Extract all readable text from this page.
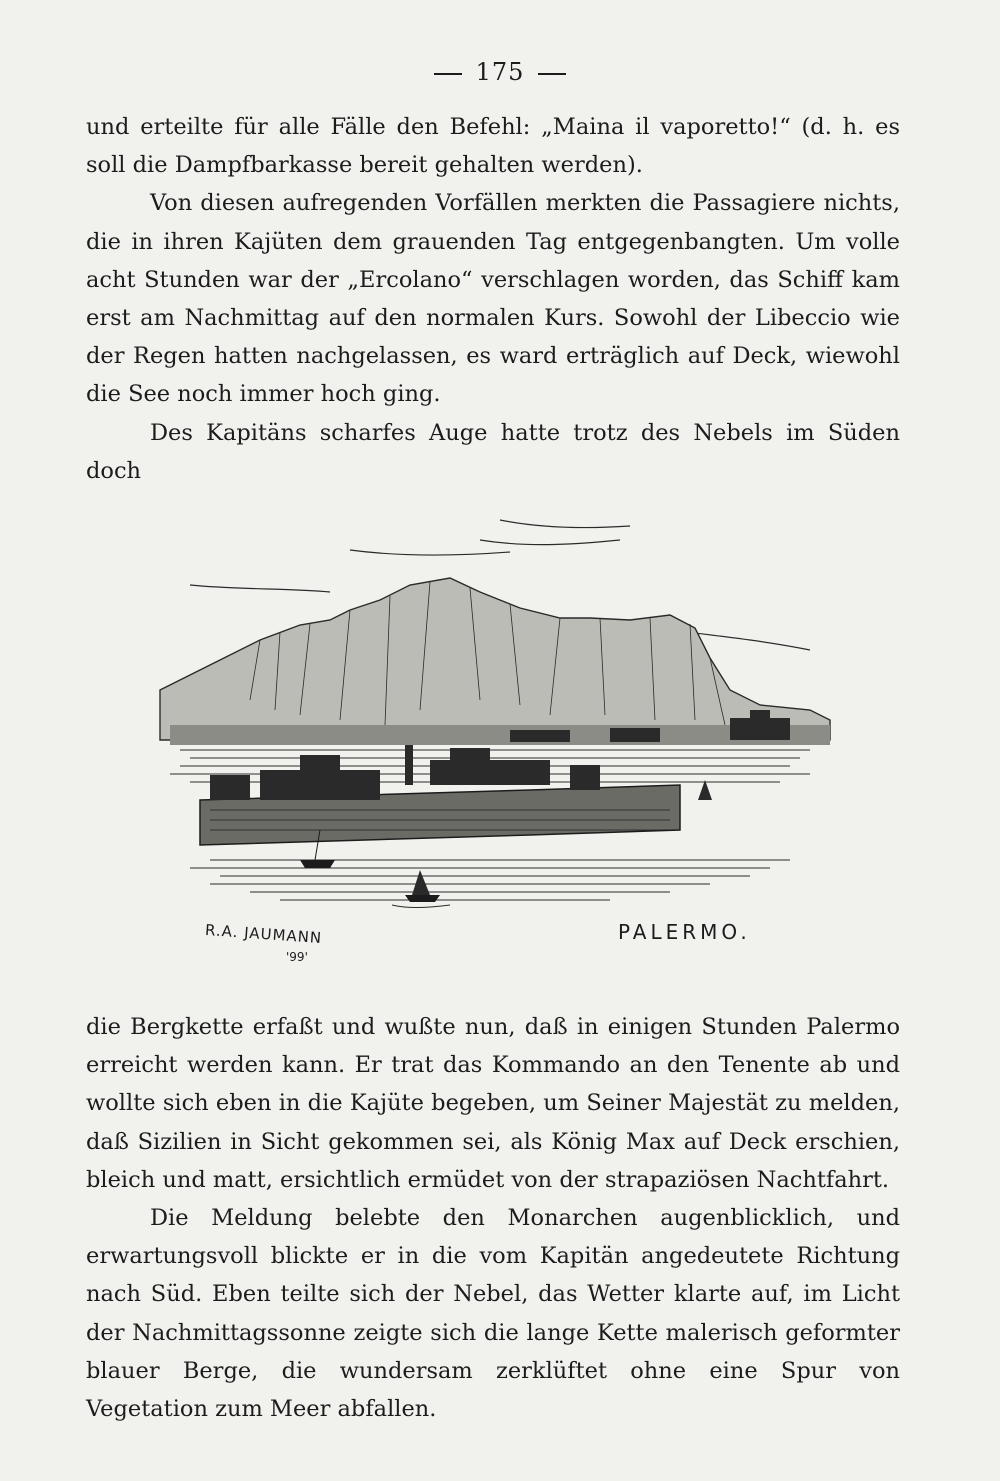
175

und erteilte für alle Fälle den Befehl: „Maina il vaporetto!“ (d. h. es soll die Dampfbarkasse bereit gehalten werden).

Von diesen aufregenden Vorfällen merkten die Passagiere nichts, die in ihren Kajüten dem grauenden Tag entgegenbangten. Um volle acht Stunden war der „Ercolano“ verschlagen worden, das Schiff kam erst am Nachmittag auf den normalen Kurs. Sowohl der Libeccio wie der Regen hatten nachgelassen, es ward erträglich auf Deck, wiewohl die See noch immer hoch ging.

Des Kapitäns scharfes Auge hatte trotz des Nebels im Süden doch

R.A. JAUMANN
'99'
PALERMO.

die Bergkette erfaßt und wußte nun, daß in einigen Stunden Palermo erreicht werden kann. Er trat das Kommando an den Tenente ab und wollte sich eben in die Kajüte begeben, um Seiner Majestät zu melden, daß Sizilien in Sicht gekommen sei, als König Max auf Deck erschien, bleich und matt, ersichtlich ermüdet von der strapaziösen Nachtfahrt.

Die Meldung belebte den Monarchen augenblicklich, und erwartungsvoll blickte er in die vom Kapitän angedeutete Richtung nach Süd. Eben teilte sich der Nebel, das Wetter klarte auf, im Licht der Nachmittagssonne zeigte sich die lange Kette malerisch geformter blauer Berge, die wundersam zerklüftet ohne eine Spur von Vegetation zum Meer abfallen.
